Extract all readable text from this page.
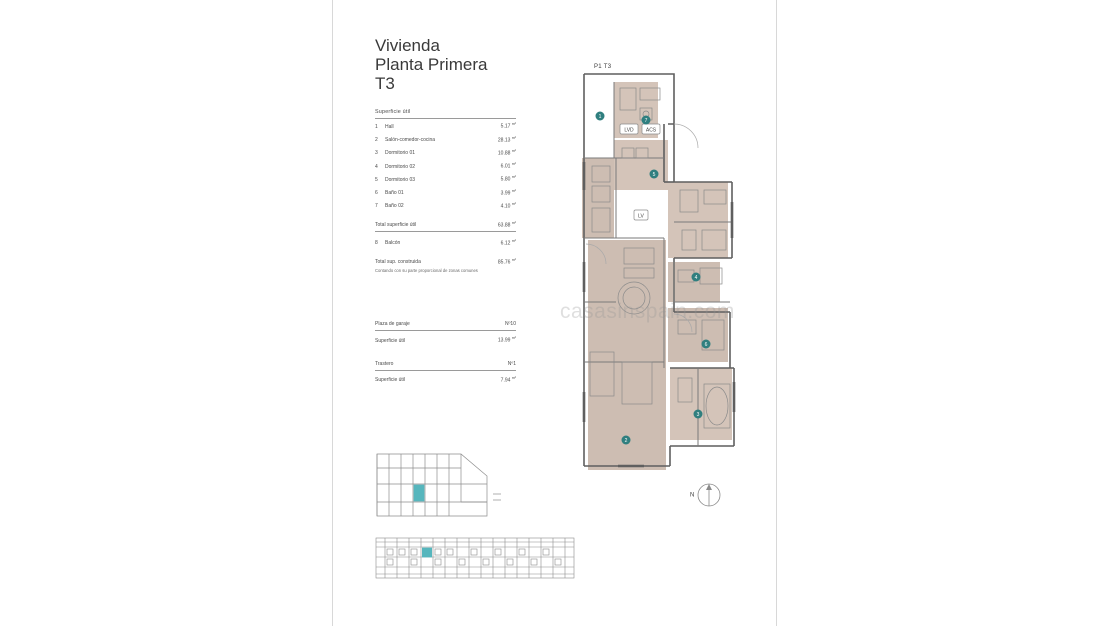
Vivienda
Planta Primera
T3
Superficie útil
1	Hall	5.17 $^{m^2}$
2	Salón-comedor-cocina	28.13 $^{m^2}$
3	Dormitorio 01	10.88 $^{m^2}$
4	Dormitorio 02	6.01 $^{m^2}$
5	Dormitorio 03	5.80 $^{m^2}$
6	Baño 01	3.99 $^{m^2}$
7	Baño 02	4.10 $^{m^2}$
Total superficie útil	63.88 $^{m^2}$
8	Balcón	6.12 $^{m^2}$
Total sup. construida	85.76 $^{m^2}$
Contando con su parte proporcional de zonas comunes
Plaza de garaje	Nº10
Superficie útil	13.99 $^{m^2}$
Trastero	Nº1
Superficie útil	7.94 $^{m^2}$
LVD ACS
LV
1
7
5
4
6
2
3
P1 T3
N
casasinspain.com
